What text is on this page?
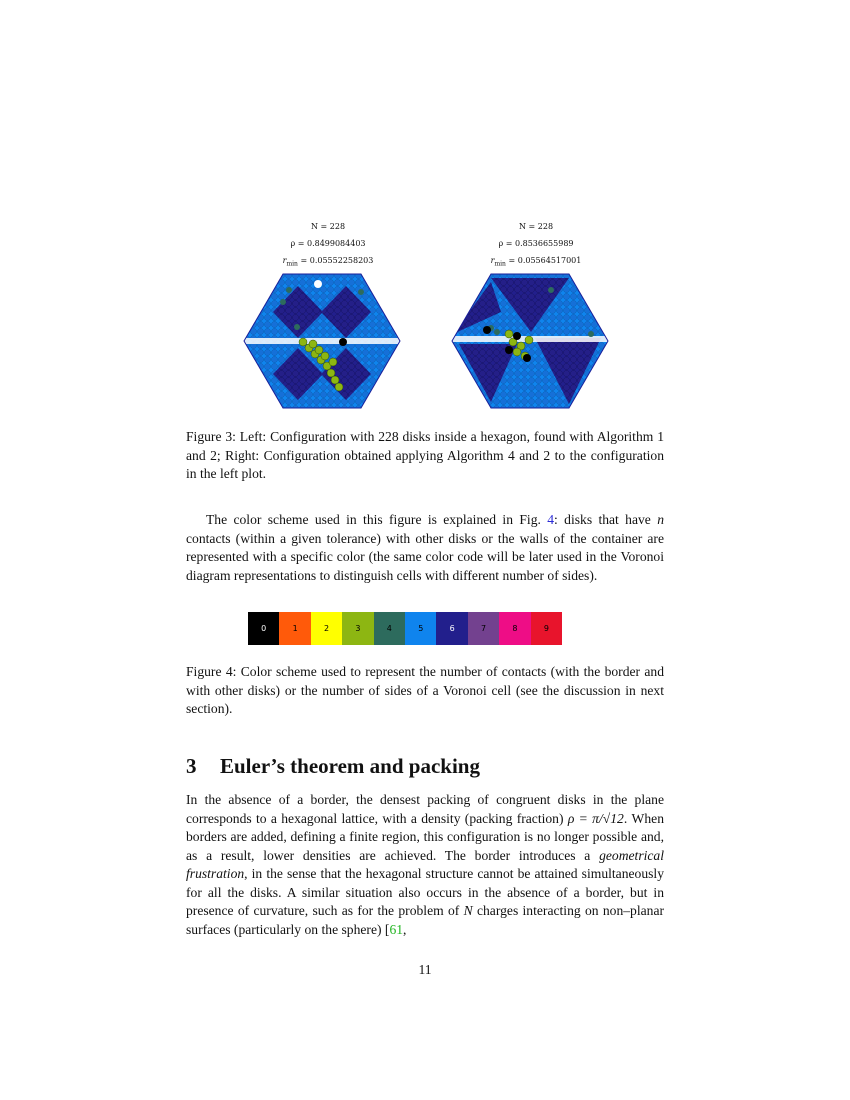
N = 228
ρ = 0.8499084403
$r_{min} = 0.05552258203$
N = 228
ρ = 0.8536655989
$r_{min} = 0.05564517001$
Figure 3: Left: Configuration with 228 disks inside a hexagon, found with Algorithm 1 and 2; Right: Configuration obtained applying Algorithm 4 and 2 to the configuration in the left plot.
The color scheme used in this figure is explained in Fig. 4: disks that have n contacts (within a given tolerance) with other disks or the walls of the container are represented with a specific color (the same color code will be later used in the Voronoi diagram representations to distinguish cells with different number of sides).
0	1	2	3	4	5	6	7	8	9
Figure 4: Color scheme used to represent the number of contacts (with the border and with other disks) or the number of sides of a Voronoi cell (see the discussion in next section).
3 Euler’s theorem and packing
In the absence of a border, the densest packing of congruent disks in the plane corresponds to a hexagonal lattice, with a density (packing fraction) ρ = π/√12. When borders are added, defining a finite region, this configuration is no longer possible and, as a result, lower densities are achieved. The border introduces a geometrical frustration, in the sense that the hexagonal structure cannot be attained simultaneously for all the disks. A similar situation also occurs in the absence of a border, but in presence of curvature, such as for the problem of N charges interacting on non–planar surfaces (particularly on the sphere) [61,
11
